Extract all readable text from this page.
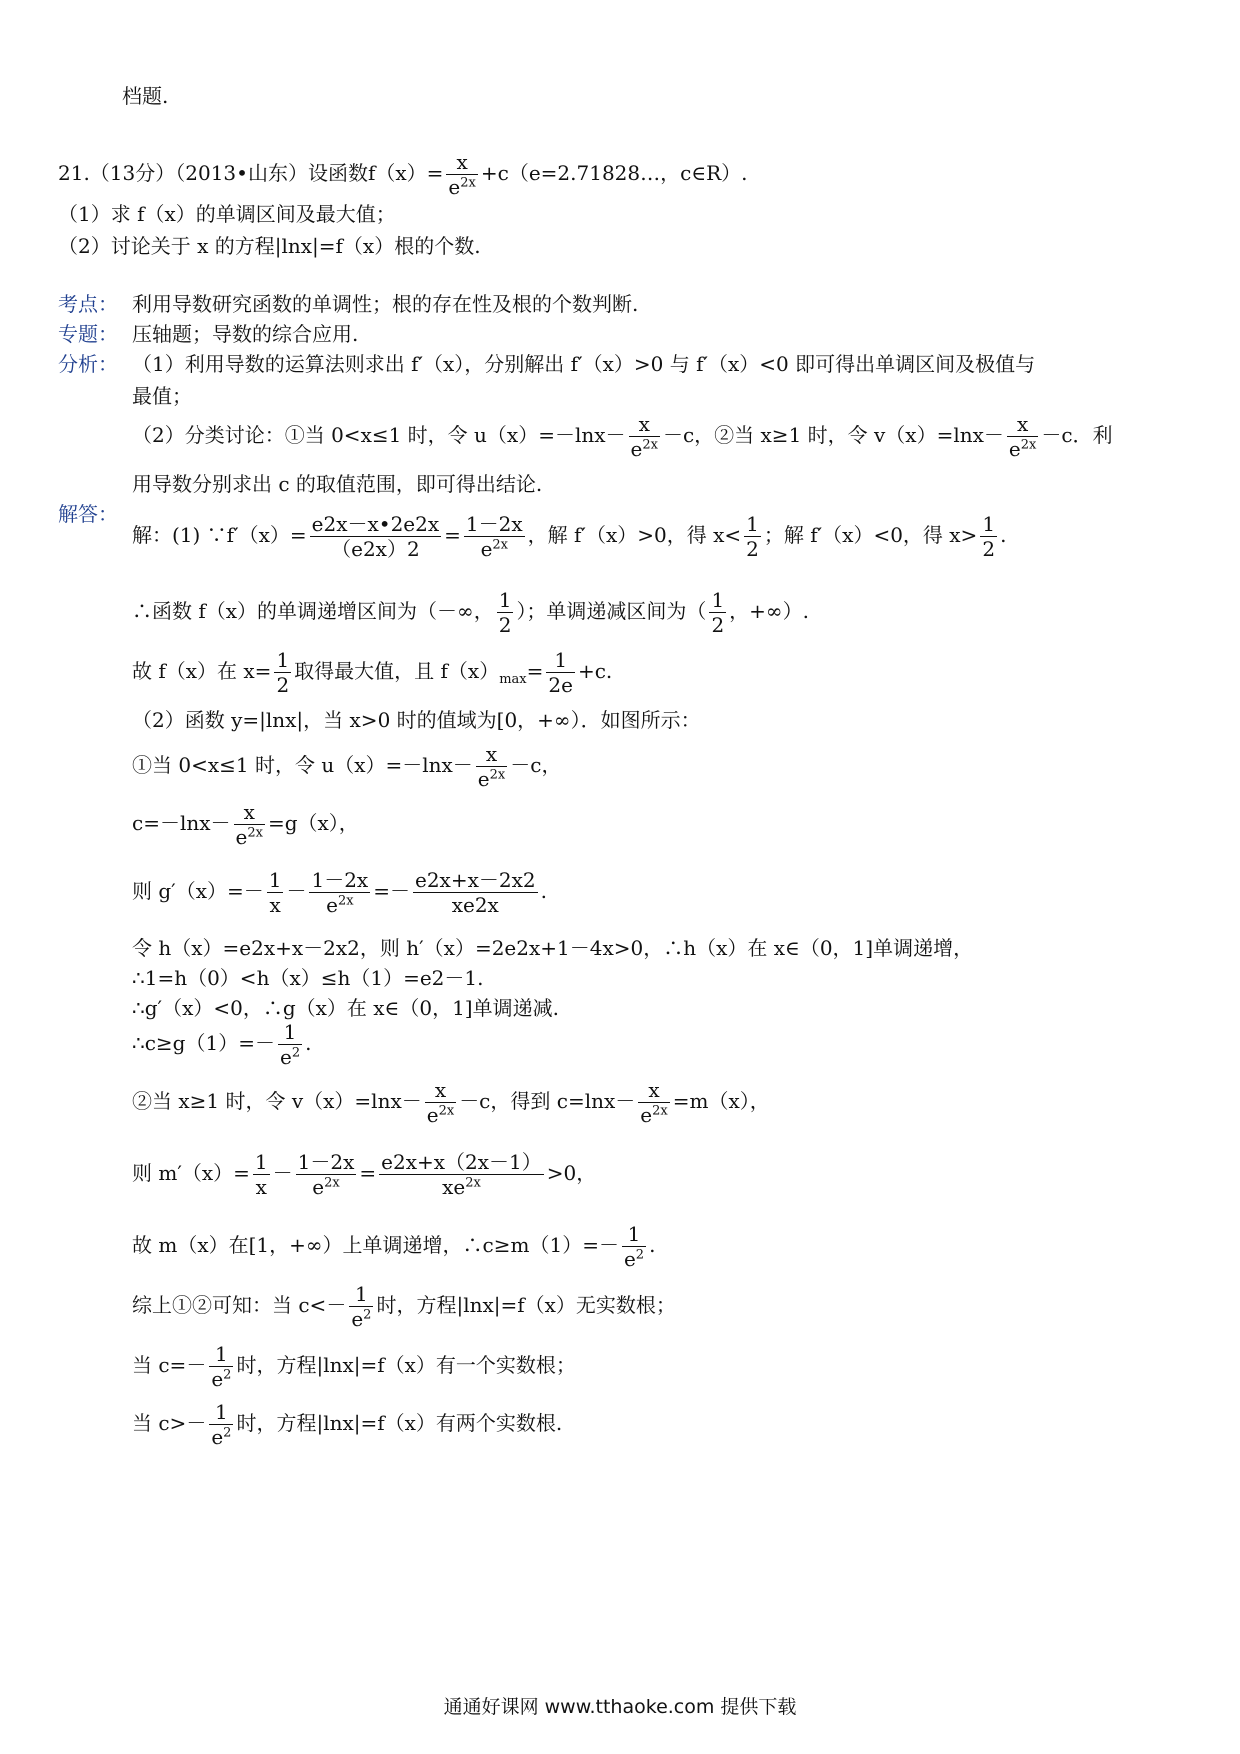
档题.
21.（13分）（2013•山东）设函数$f(x)= \frac{x}{e^{2x}}$ +c（e=2.71828…，c∈R）.
（1）求 f（x）的单调区间及最大值；
（2）讨论关于 x 的方程|lnx|=f（x）根的个数.
考点： 利用导数研究函数的单调性；根的存在性及根的个数判断.
专题： 压轴题；导数的综合应用.
分析： （1）利用导数的运算法则求出 f′（x），分别解出 f′（x）>0 与 f′（x）<0 即可得出单调区间及极值与
最值；
（2）分类讨论：①当 0<x≤1 时，令 $u(x)=-\ln x- \frac{x}{e^{2x}} -c$，②当 x≥1 时，令 $v(x)=\ln x- \frac{x}{e^{2x}} -c$．利
用导数分别求出 c 的取值范围，即可得出结论.
解答：
解：(1) ∵f′（x）= $\frac{e2x-x•2e2x}{(e2x)2} = \frac{1-2x}{e^{2x}}$ ，解 f′（x）>0，得 $x< \frac{1}{2}$ ；解 f′（x）<0，得 $x> \frac{1}{2}$ .
∴函数 f（x）的单调递增区间为（－∞， $\frac{1}{2}$ ）；单调递减区间为（ $\frac{1}{2}$ ，+∞）.
故 f（x）在 $x= \frac{1}{2}$ 取得最大值，且 $f(x)_{max}= \frac{1}{2e} +c$.
（2）函数 y=|lnx|，当 x>0 时的值域为[0，+∞）．如图所示：
①当 0<x≤1 时，令 $u(x)=-\ln x- \frac{x}{e^{2x}} -c$，
$c=-\ln x- \frac{x}{e^{2x}} =g(x)$，
则 $g'(x)=- \frac{1}{x} - \frac{1-2x}{e^{2x}} =- \frac{e2x+x-2x2}{xe2x}$ .
令 h（x）=e2x+x－2x2，则 h′（x）=2e2x+1－4x>0，∴h（x）在 x∈（0，1]单调递增，
∴1=h（0）<h（x）≤h（1）=e2－1.
∴g′（x）<0，∴g（x）在 x∈（0，1]单调递减.
∴c≥g（1）=－ $\frac{1}{e^2}$ .
②当 x≥1 时，令 $v(x)=\ln x- \frac{x}{e^{2x}} -c$，得到 $c=\ln x- \frac{x}{e^{2x}} =m(x)$，
则 $m'(x)= \frac{1}{x} - \frac{1-2x}{e^{2x}} = \frac{e2x+x(2x-1)}{xe^{2x}} >0$，
故 m（x）在[1，+∞）上单调递增，∴c≥m（1）=－ $\frac{1}{e^2}$ .
综上①②可知：当 $c<- \frac{1}{e^2}$ 时，方程|lnx|=f（x）无实数根；
当 $c=- \frac{1}{e^2}$ 时，方程|lnx|=f（x）有一个实数根；
当 $c>- \frac{1}{e^2}$ 时，方程|lnx|=f（x）有两个实数根.
通通好课网 www.tthaoke.com 提供下载
